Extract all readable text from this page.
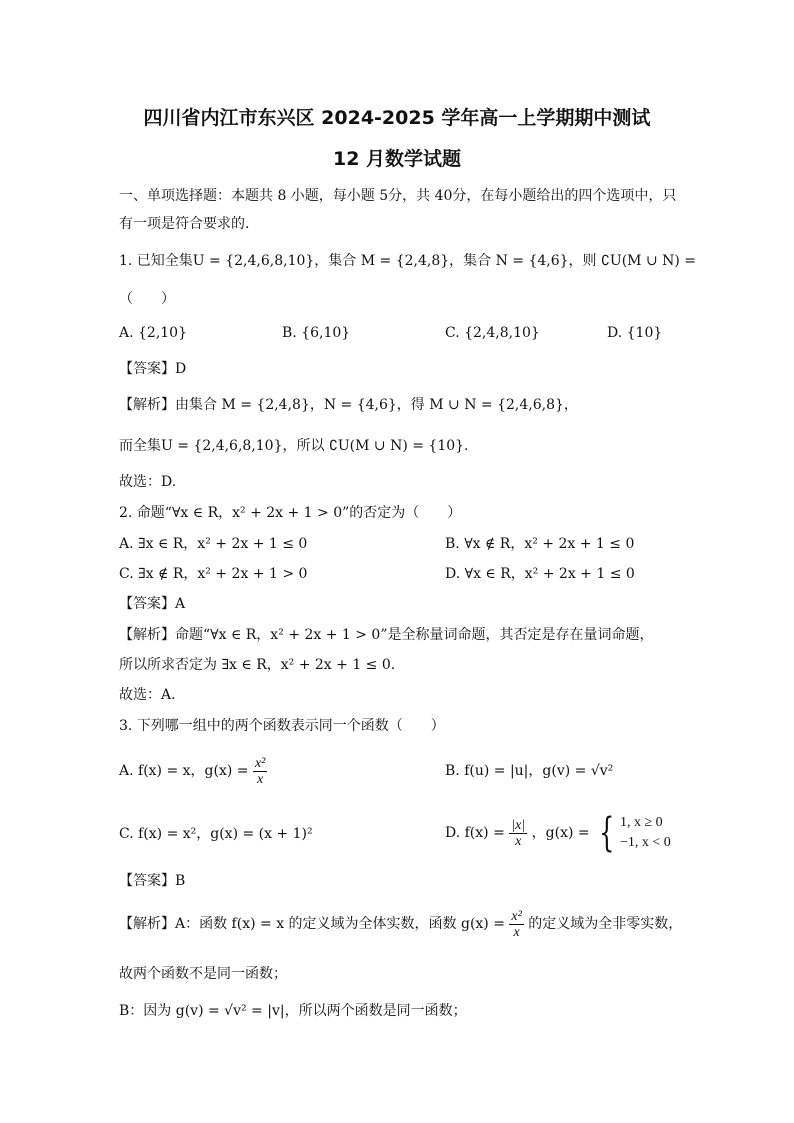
四川省内江市东兴区 2024-2025 学年高一上学期期中测试
12 月数学试题
一、单项选择题：本题共 8 小题，每小题 5分，共 40分，在每小题给出的四个选项中，只
有一项是符合要求的.
1. 已知全集U = {2,4,6,8,10}，集合 M = {2,4,8}，集合 N = {4,6}，则 ∁U(M ∪ N) =
（　　）
A. {2,10}	B. {6,10}	C. {2,4,8,10}	D. {10}
【答案】D
【解析】由集合 M = {2,4,8}，N = {4,6}，得 M ∪ N = {2,4,6,8}，
而全集U = {2,4,6,8,10}，所以 ∁U(M ∪ N) = {10}.
故选：D.
2. 命题“∀x ∈ R，x² + 2x + 1 > 0”的否定为（　　）
A. ∃x ∈ R，x² + 2x + 1 ≤ 0	B. ∀x ∉ R，x² + 2x + 1 ≤ 0
C. ∃x ∉ R，x² + 2x + 1 > 0	D. ∀x ∈ R，x² + 2x + 1 ≤ 0
【答案】A
【解析】命题“∀x ∈ R，x² + 2x + 1 > 0”是全称量词命题，其否定是存在量词命题，
所以所求否定为 ∃x ∈ R，x² + 2x + 1 ≤ 0.
故选：A.
3. 下列哪一组中的两个函数表示同一个函数（　　）
A. f(x) = x，$g(x) = \frac{\text{x²}}{x}$	B. f(u) = |u|，g(v) = √v²
C. f(x) = x²，g(x) = (x + 1)²	D. $f(x) = \frac{|x|}{x}$ ，g(x) = { 1, x ≥ 0
−1, x < 0
【答案】B
【解析】A：函数 f(x) = x 的定义域为全体实数，函数 $g(x) = \frac{\text{x²}}{x}$ 的定义域为全非零实数，
故两个函数不是同一函数；
B：因为 g(v) = √v² = |v|，所以两个函数是同一函数；
